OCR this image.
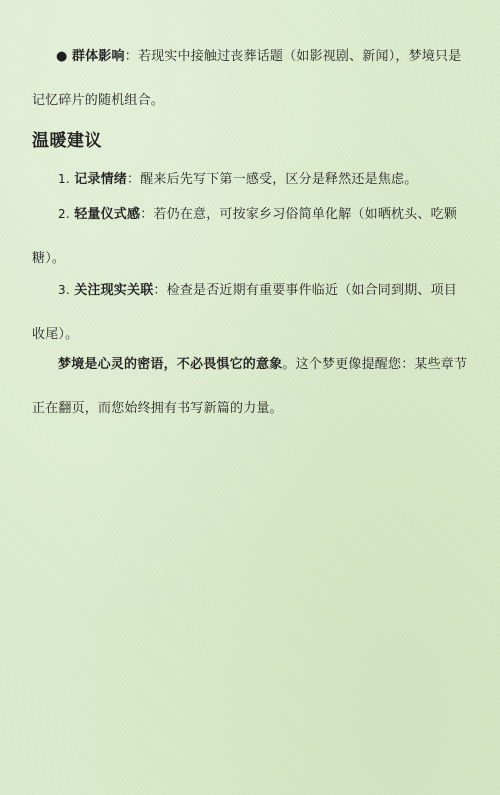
● 群体影响：若现实中接触过丧葬话题（如影视剧、新闻），梦境只是记忆碎片的随机组合。
温暖建议
1. 记录情绪：醒来后先写下第一感受，区分是释然还是焦虑。
2. 轻量仪式感：若仍在意，可按家乡习俗简单化解（如晒枕头、吃颗糖）。
3. 关注现实关联：检查是否近期有重要事件临近（如合同到期、项目收尾）。
梦境是心灵的密语，不必畏惧它的意象。这个梦更像提醒您：某些章节正在翻页，而您始终拥有书写新篇的力量。
